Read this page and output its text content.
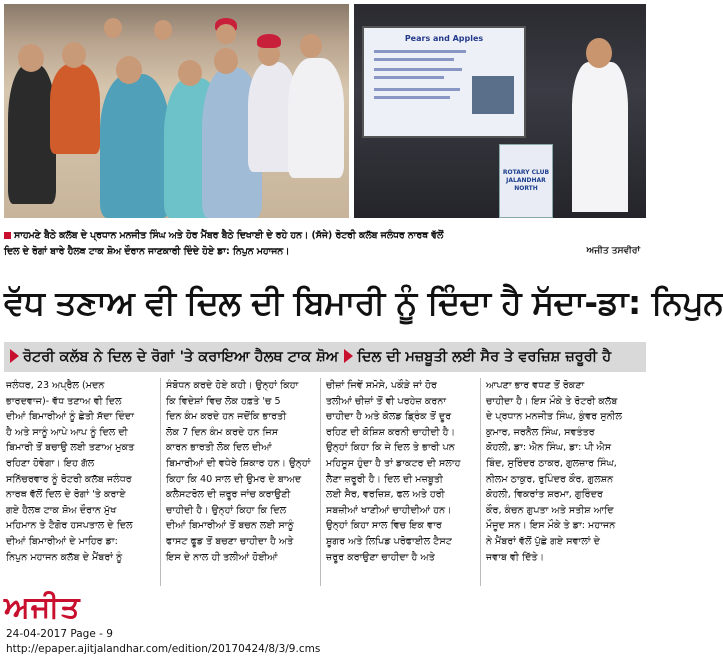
Pears and Apples
ROTARY CLUB JALANDHAR NORTH
ਸਾਹਮਣੇ ਬੈਠੇ ਕਲੱਬ ਦੇ ਪ੍ਰਧਾਨ ਮਨਜੀਤ ਸਿੰਘ ਅਤੇ ਹੋਰ ਮੈਂਬਰ ਬੈਠੇ ਦਿਖਾਈ ਦੇ ਰਹੇ ਹਨ। (ਸੱਜੇ) ਰੋਟਰੀ ਕਲੱਬ ਜਲੰਧਰ ਨਾਰਥ ਵੱਲੋਂ
ਦਿਲ ਦੇ ਰੋਗਾਂ ਬਾਰੇ ਹੈਲਥ ਟਾਕ ਸ਼ੋਅ ਦੌਰਾਨ ਜਾਣਕਾਰੀ ਦਿੰਦੇ ਹੋਏ ਡਾ: ਨਿਪੁਨ ਮਹਾਜਨ।	ਅਜੀਤ ਤਸਵੀਰਾਂ
ਵੱਧ ਤਣਾਅ ਵੀ ਦਿਲ ਦੀ ਬਿਮਾਰੀ ਨੂੰ ਦਿੰਦਾ ਹੈ ਸੱਦਾ-ਡਾ: ਨਿਪੁਨ
ਰੋਟਰੀ ਕਲੱਬ ਨੇ ਦਿਲ ਦੇ ਰੋਗਾਂ 'ਤੇ ਕਰਾਇਆ ਹੈਲਥ ਟਾਕ ਸ਼ੋਅ ਦਿਲ ਦੀ ਮਜ਼ਬੂਤੀ ਲਈ ਸੈਰ ਤੇ ਵਰਜ਼ਿਸ਼ ਜ਼ਰੂਰੀ ਹੈ
ਜਲੰਧਰ, 23 ਅਪ੍ਰੈਲ (ਮਦਨ
ਭਾਰਦਵਾਜ)- ਵੱਧ ਤਣਾਅ ਵੀ ਦਿਲ
ਦੀਆਂ ਬਿਮਾਰੀਆਂ ਨੂੰ ਛੇਤੀ ਸੱਦਾ ਦਿੰਦਾ
ਹੈ ਅਤੇ ਸਾਨੂੰ ਆਪੇ ਆਪ ਨੂੰ ਦਿਲ ਦੀ
ਬਿਮਾਰੀ ਤੋਂ ਬਚਾਉ ਲਈ ਤਣਾਅ ਮੁਕਤ
ਰਹਿਣਾ ਹੋਵੇਗਾ। ਇਹ ਗੱਲ
ਸਨਿੱਚਰਵਾਰ ਨੂੰ ਰੋਟਰੀ ਕਲੱਬ ਜਲੰਧਰ
ਨਾਰਥ ਵੱਲੋਂ ਦਿਲ ਦੇ ਰੋਗਾਂ 'ਤੇ ਕਰਾਏ
ਗਏ ਹੈਲਥ ਟਾਕ ਸ਼ੋਅ ਦੌਰਾਨ ਮੁੱਖ
ਮਹਿਮਾਨ ਤੇ ਟੈਗੋਰ ਹਸਪਤਾਲ ਦੇ ਦਿਲ
ਦੀਆਂ ਬਿਮਾਰੀਆਂ ਦੇ ਮਾਹਿਰ ਡਾ:
ਨਿਪੁਨ ਮਹਾਜਨ ਕਲੱਬ ਦੇ ਮੈਂਬਰਾਂ ਨੂੰ
ਸੰਬੋਧਨ ਕਰਦੇ ਹੋਏ ਕਹੀ। ਉਨ੍ਹਾਂ ਕਿਹਾ
ਕਿ ਵਿਦੇਸ਼ਾਂ ਵਿਚ ਲੋਕ ਹਫ਼ਤੇ 'ਚ 5
ਦਿਨ ਕੰਮ ਕਰਦੇ ਹਨ ਜਦੋਂਕਿ ਭਾਰਤੀ
ਲੋਕ 7 ਦਿਨ ਕੰਮ ਕਰਦੇ ਹਨ ਜਿਸ
ਕਾਰਨ ਭਾਰਤੀ ਲੋਕ ਦਿਲ ਦੀਆਂ
ਬਿਮਾਰੀਆਂ ਦੀ ਵਧੇਰੇ ਸ਼ਿਕਾਰ ਹਨ। ਉਨ੍ਹਾਂ
ਕਿਹਾ ਕਿ 40 ਸਾਲ ਦੀ ਉਮਰ ਦੇ ਬਾਅਦ
ਕਲੈਸਟਰੋਲ ਦੀ ਜ਼ਰੂਰ ਜਾਂਚ ਕਰਾਉਣੀ
ਚਾਹੀਦੀ ਹੈ। ਉਨ੍ਹਾਂ ਕਿਹਾ ਕਿ ਦਿਲ
ਦੀਆਂ ਬਿਮਾਰੀਆਂ ਤੋਂ ਬਚਨ ਲਈ ਸਾਨੂੰ
ਫਾਸਟ ਫੂਡ ਤੋਂ ਬਚਣਾ ਚਾਹੀਦਾ ਹੈ ਅਤੇ
ਇਸ ਦੇ ਨਾਲ ਹੀ ਤਲੀਆਂ ਹੋਈਆਂ
ਚੀਜ਼ਾਂ ਜਿਵੇਂ ਸਮੋਸੇ, ਪਕੌੜੇ ਜਾਂ ਹੋਰ
ਤਲੀਆਂ ਚੀਜ਼ਾਂ ਤੋਂ ਵੀ ਪਰਹੇਜ਼ ਕਰਨਾ
ਚਾਹੀਦਾ ਹੈ ਅਤੇ ਕੋਲਡ ਡ੍ਰਿੰਕ ਤੋਂ ਦੂਰ
ਰਹਿਣ ਦੀ ਕੋਸ਼ਿਸ਼ ਕਰਨੀ ਚਾਹੀਦੀ ਹੈ।
ਉਨ੍ਹਾਂ ਕਿਹਾ ਕਿ ਜੇ ਦਿਲ ਤੇ ਭਾਰੀ ਪਨ
ਮਹਿਸੂਸ ਹੁੰਦਾ ਹੈ ਤਾਂ ਡਾਕਟਰ ਦੀ ਸਲਾਹ
ਲੈਣਾ ਜ਼ਰੂਰੀ ਹੈ। ਦਿਲ ਦੀ ਮਜ਼ਬੂਤੀ
ਲਈ ਸੈਰ, ਵਰਜ਼ਿਸ਼, ਫਲ ਅਤੇ ਹਰੀ
ਸਬਜ਼ੀਆਂ ਖਾਣੀਆਂ ਚਾਹੀਦੀਆਂ ਹਨ।
ਉਨ੍ਹਾਂ ਕਿਹਾ ਸਾਲ ਵਿਚ ਇਕ ਵਾਰ
ਸ਼ੂਗਰ ਅਤੇ ਲਿਪਿਡ ਪਰੋਫਾਈਲ ਟੈਸਟ
ਜ਼ਰੂਰ ਕਰਾਉਣਾ ਚਾਹੀਦਾ ਹੈ ਅਤੇ
ਆਪਣਾ ਭਾਰ ਵਧਣ ਤੋਂ ਰੋਕਣਾ
ਚਾਹੀਦਾ ਹੈ। ਇਸ ਮੌਕੇ ਤੇ ਰੋਟਰੀ ਕਲੱਬ
ਦੇ ਪ੍ਰਧਾਨ ਮਨਜੀਤ ਸਿੰਘ, ਕੁੰਵਰ ਸੁਨੀਲ
ਕੁਮਾਰ, ਜਰਨੈਲ ਸਿੰਘ, ਸਵਤੰਤਰ
ਕੋਹਲੀ, ਡਾ: ਐਨ ਸਿੰਘ, ਡਾ: ਪੀ ਐਸ
ਬਿੰਦ, ਸੁਰਿੰਦਰ ਠਾਕਰ, ਗੁਲਜ਼ਾਰ ਸਿੰਘ,
ਨੀਲਮ ਠਾਕੁਰ, ਰੁਪਿੰਦਰ ਕੌਰ, ਗੁਲਸ਼ਨ
ਕੋਹਲੀ, ਵਿਕਰਾਂਤ ਸ਼ਰਮਾ, ਗੁਰਿੰਦਰ
ਕੌਰ, ਕੰਚਨ ਗੁਪਤਾ ਅਤੇ ਸਤੀਸ਼ ਆਦਿ
ਮੌਜੂਦ ਸਨ। ਇਸ ਮੌਕੇ ਤੇ ਡਾ: ਮਹਾਜਨ
ਨੇ ਮੈਂਬਰਾਂ ਵੱਲੋਂ ਪੁੱਛੇ ਗਏ ਸਵਾਲਾਂ ਦੇ
ਜਵਾਬ ਵੀ ਦਿੱਤੇ।
ਅਜੀਤ
24-04-2017 Page - 9
http://epaper.ajitjalandhar.com/edition/20170424/8/3/9.cms
